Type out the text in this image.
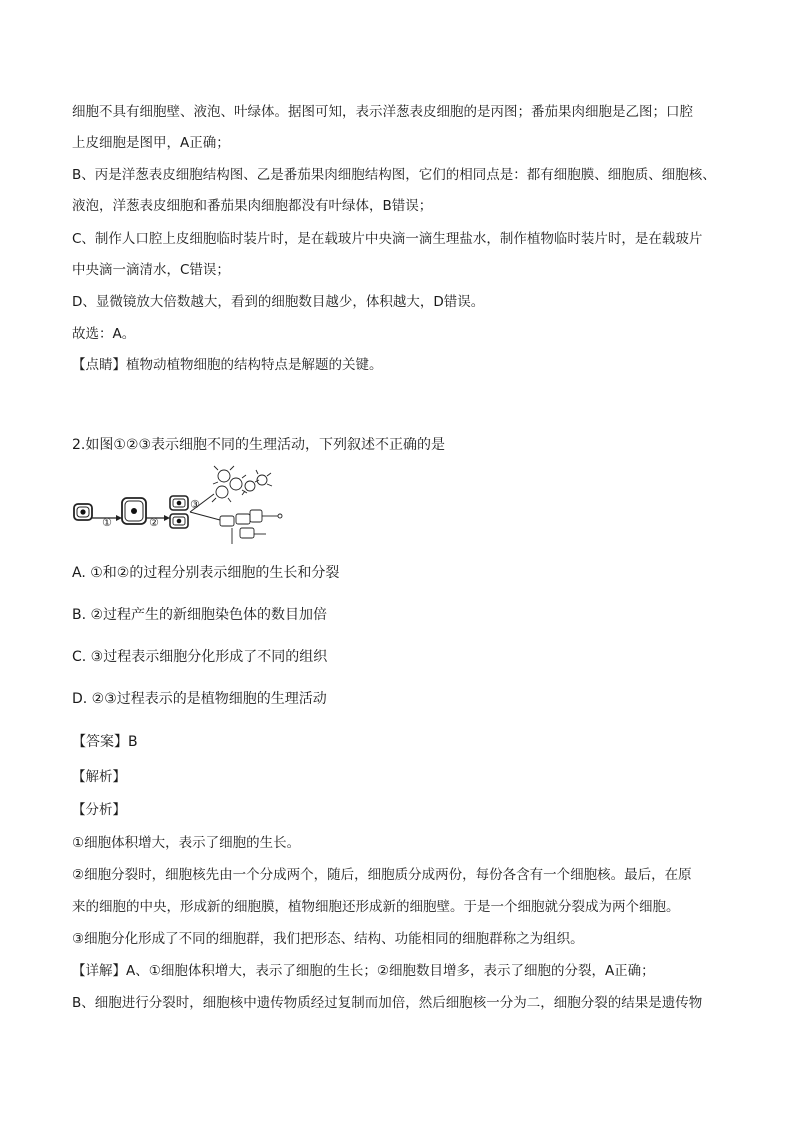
细胞不具有细胞壁、液泡、叶绿体。据图可知，表示洋葱表皮细胞的是丙图；番茄果肉细胞是乙图；口腔
上皮细胞是图甲，A正确；
B、丙是洋葱表皮细胞结构图、乙是番茄果肉细胞结构图，它们的相同点是：都有细胞膜、细胞质、细胞核、
液泡，洋葱表皮细胞和番茄果肉细胞都没有叶绿体，B错误；
C、制作人口腔上皮细胞临时装片时，是在载玻片中央滴一滴生理盐水，制作植物临时装片时，是在载玻片
中央滴一滴清水，C错误；
D、显微镜放大倍数越大，看到的细胞数目越少，体积越大，D错误。
故选：A。
【点睛】植物动植物细胞的结构特点是解题的关键。
2.如图①②③表示细胞不同的生理活动，下列叙述不正确的是
①	②
③
A. ①和②的过程分别表示细胞的生长和分裂
B. ②过程产生的新细胞染色体的数目加倍
C. ③过程表示细胞分化形成了不同的组织
D. ②③过程表示的是植物细胞的生理活动
【答案】B
【解析】
【分析】
①细胞体积增大，表示了细胞的生长。
②细胞分裂时，细胞核先由一个分成两个，随后，细胞质分成两份，每份各含有一个细胞核。最后，在原
来的细胞的中央，形成新的细胞膜，植物细胞还形成新的细胞壁。于是一个细胞就分裂成为两个细胞。
③细胞分化形成了不同的细胞群，我们把形态、结构、功能相同的细胞群称之为组织。
【详解】A、①细胞体积增大，表示了细胞的生长；②细胞数目增多，表示了细胞的分裂，A正确；
B、细胞进行分裂时，细胞核中遗传物质经过复制而加倍，然后细胞核一分为二，细胞分裂的结果是遗传物
